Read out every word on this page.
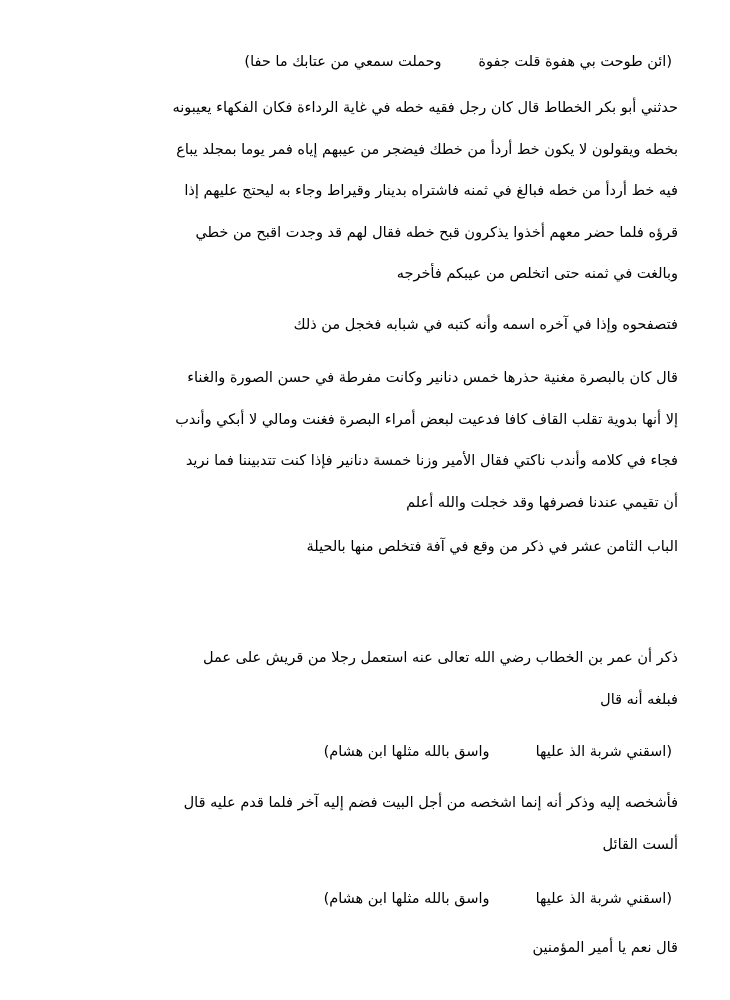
(ائن طوحت بي هفوة قلت جفوة        وحملت سمعي من عتابك ما حفا)
حدثني أبو بكر الخطاط قال كان رجل فقيه خطه في غاية الرداءة فكان الفكهاء يعيبونه
بخطه ويقولون لا يكون خط أردأ من خطك فيضجر من عيبهم إياه فمر يوما بمجلد يباع
فيه خط أردأ من خطه فبالغ في ثمنه فاشتراه بدينار وقيراط وجاء به ليحتج عليهم إذا
قرؤه فلما حضر معهم أخذوا يذكرون قبح خطه فقال لهم قد وجدت اقبح من خطي
وبالغت في ثمنه حتى اتخلص من عيبكم فأخرجه
فتصفحوه وإذا في آخره اسمه وأنه كتبه في شبابه فخجل من ذلك
قال كان بالبصرة مغنية حذرها خمس دنانير وكانت مفرطة في حسن الصورة والغناء
إلا أنها بدوية تقلب القاف كافا فدعيت لبعض أمراء البصرة فغنت ومالي لا أبكي وأندب
فجاء في كلامه وأندب ناكتي فقال الأمير وزنا خمسة دنانير فإذا كنت تتدبيننا فما نريد
أن تقيمي عندنا فصرفها وقد خجلت والله أعلم
الباب الثامن عشر في ذكر من وقع في آفة فتخلص منها بالحيلة
ذكر أن عمر بن الخطاب رضي الله تعالى عنه استعمل رجلا من قريش على عمل
فبلغه أنه قال
(اسقني شربة الذ عليها          واسق بالله مثلها ابن هشام)
فأشخصه إليه وذكر أنه إنما اشخصه من أجل البيت فضم إليه آخر فلما قدم عليه قال
ألست القائل
(اسقني شربة الذ عليها          واسق بالله مثلها ابن هشام)
قال نعم يا أمير المؤمنين
